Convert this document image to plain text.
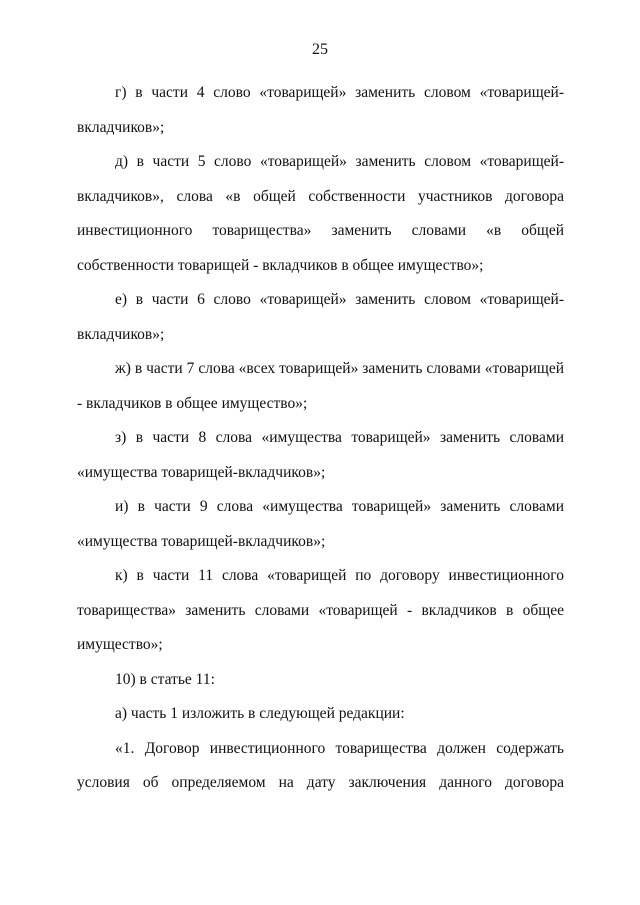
25

г) в части 4 слово «товарищей» заменить словом «товарищей-вкладчиков»;

д) в части 5 слово «товарищей» заменить словом «товарищей-вкладчиков», слова «в общей собственности участников договора инвестиционного товарищества» заменить словами «в общей собственности товарищей - вкладчиков в общее имущество»;

е) в части 6 слово «товарищей» заменить словом «товарищей-вкладчиков»;

ж) в части 7 слова «всех товарищей» заменить словами «товарищей - вкладчиков в общее имущество»;

з) в части 8 слова «имущества товарищей» заменить словами «имущества товарищей-вкладчиков»;

и) в части 9 слова «имущества товарищей» заменить словами «имущества товарищей-вкладчиков»;

к) в части 11 слова «товарищей по договору инвестиционного товарищества» заменить словами «товарищей - вкладчиков в общее имущество»;

10) в статье 11:

а) часть 1 изложить в следующей редакции:

«1. Договор инвестиционного товарищества должен содержать условия об определяемом на дату заключения данного договора
